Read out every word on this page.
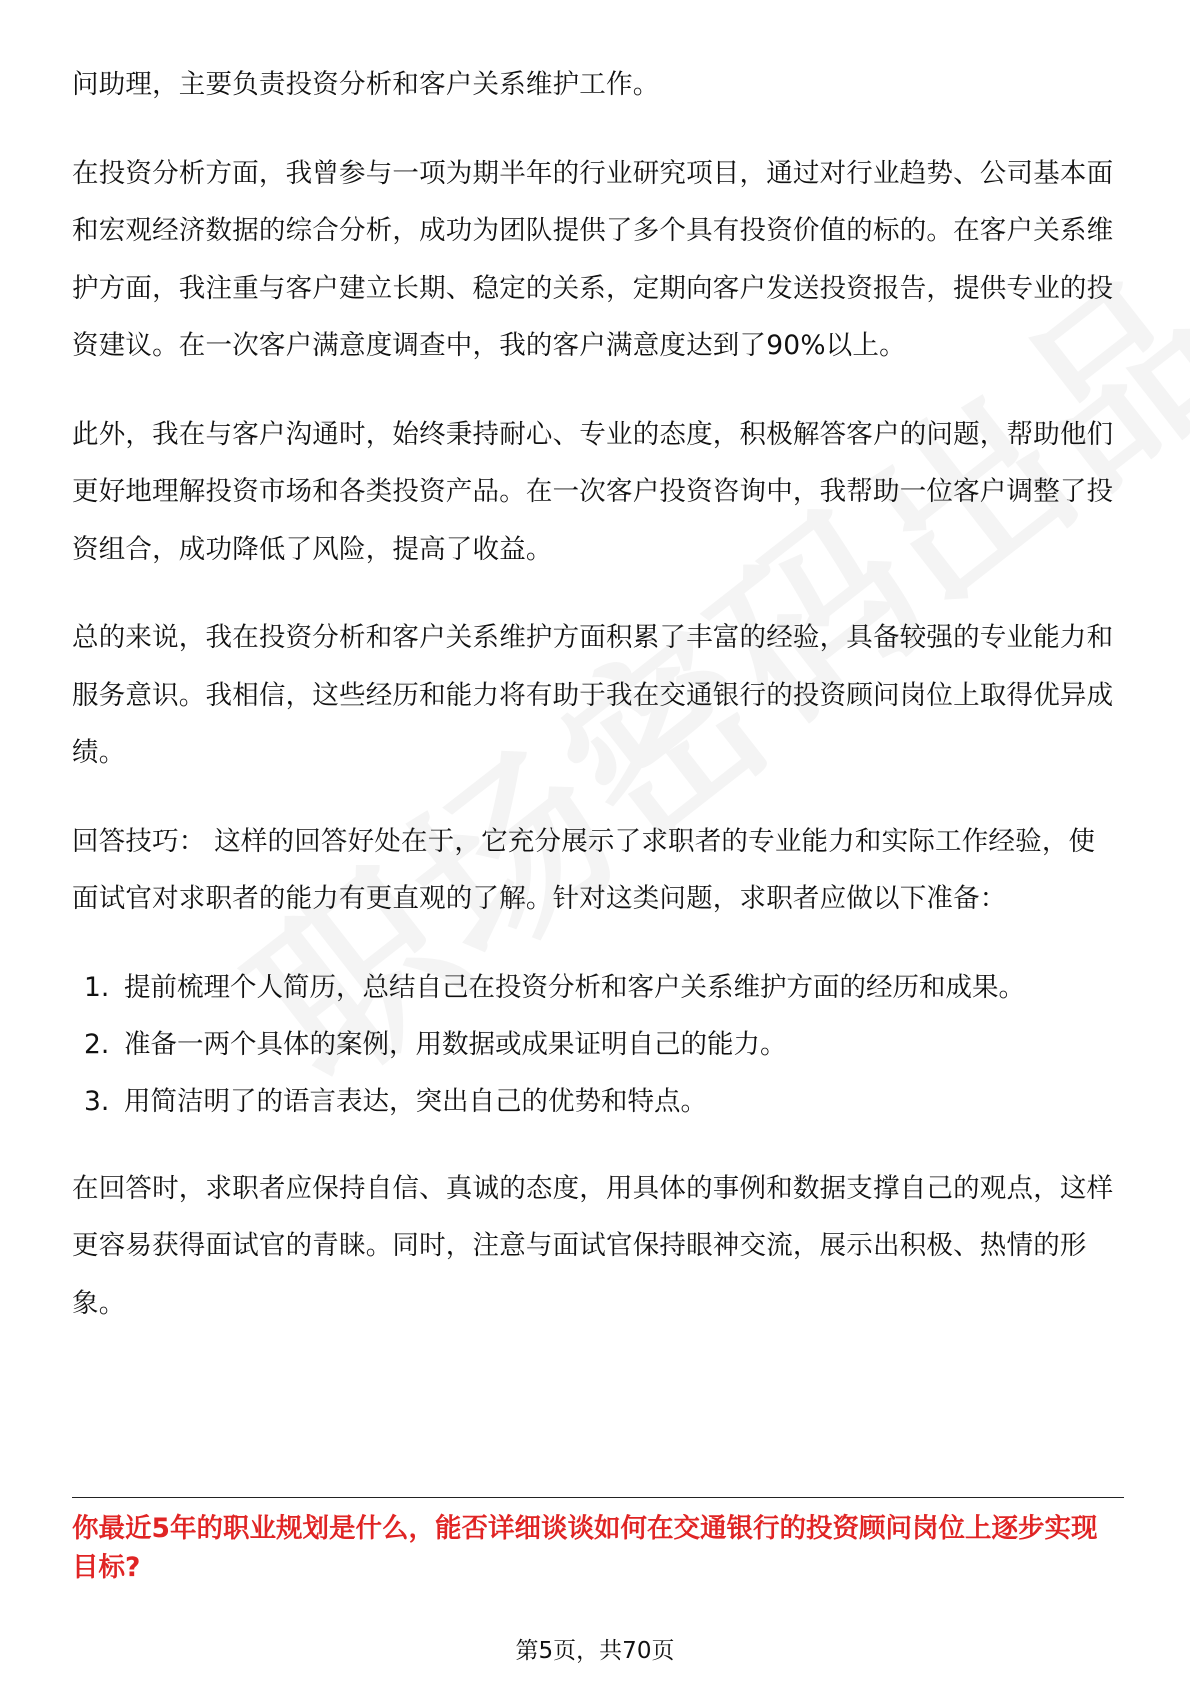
问助理，主要负责投资分析和客户关系维护工作。

在投资分析方面，我曾参与一项为期半年的行业研究项目，通过对行业趋势、公司基本面和宏观经济数据的综合分析，成功为团队提供了多个具有投资价值的标的。在客户关系维护方面，我注重与客户建立长期、稳定的关系，定期向客户发送投资报告，提供专业的投资建议。在一次客户满意度调查中，我的客户满意度达到了90%以上。

此外，我在与客户沟通时，始终秉持耐心、专业的态度，积极解答客户的问题，帮助他们更好地理解投资市场和各类投资产品。在一次客户投资咨询中，我帮助一位客户调整了投资组合，成功降低了风险，提高了收益。

总的来说，我在投资分析和客户关系维护方面积累了丰富的经验，具备较强的专业能力和服务意识。我相信，这些经历和能力将有助于我在交通银行的投资顾问岗位上取得优异成绩。

回答技巧： 这样的回答好处在于，它充分展示了求职者的专业能力和实际工作经验，使面试官对求职者的能力有更直观的了解。针对这类问题，求职者应做以下准备：

1. 提前梳理个人简历，总结自己在投资分析和客户关系维护方面的经历和成果。
2. 准备一两个具体的案例，用数据或成果证明自己的能力。
3. 用简洁明了的语言表达，突出自己的优势和特点。

在回答时，求职者应保持自信、真诚的态度，用具体的事例和数据支撑自己的观点，这样更容易获得面试官的青睐。同时，注意与面试官保持眼神交流，展示出积极、热情的形象。

你最近5年的职业规划是什么，能否详细谈谈如何在交通银行的投资顾问岗位上逐步实现目标?

第5页，共70页
